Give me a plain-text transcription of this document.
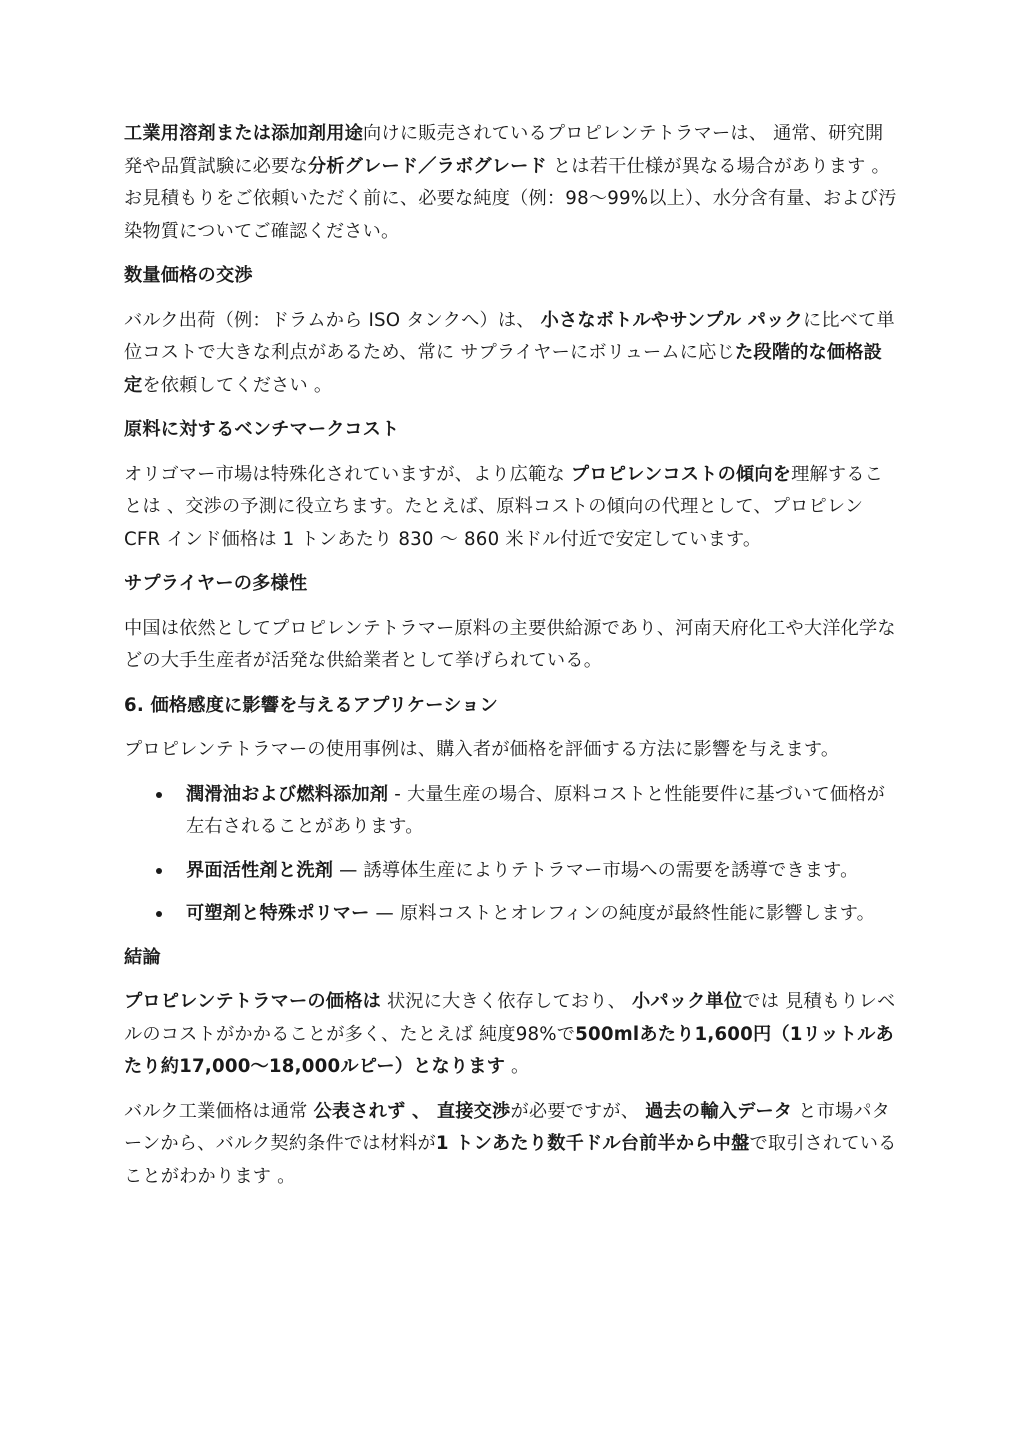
工業用溶剤または添加剤用途向けに販売されているプロピレンテトラマーは、 通常、研究開発や品質試験に必要な分析グレード／ラボグレード とは若干仕様が異なる場合があります 。お見積もりをご依頼いただく前に、必要な純度（例：98〜99%以上）、水分含有量、および汚染物質についてご確認ください。

数量価格の交渉

バルク出荷（例：ドラムから ISO タンクへ）は、 小さなボトルやサンプル パックに比べて単位コストで大きな利点があるため、常に サプライヤーにボリュームに応じた段階的な価格設定を依頼してください 。

原料に対するベンチマークコスト

オリゴマー市場は特殊化されていますが、より広範な プロピレンコストの傾向を理解することは 、交渉の予測に役立ちます。たとえば、原料コストの傾向の代理として、プロピレン CFR インド価格は 1 トンあたり 830 〜 860 米ドル付近で安定しています。

サプライヤーの多様性

中国は依然としてプロピレンテトラマー原料の主要供給源であり、河南天府化工や大洋化学などの大手生産者が活発な供給業者として挙げられている。

6. 価格感度に影響を与えるアプリケーション

プロピレンテトラマーの使用事例は、購入者が価格を評価する方法に影響を与えます。

潤滑油および燃料添加剤 - 大量生産の場合、原料コストと性能要件に基づいて価格が左右されることがあります。
界面活性剤と洗剤 — 誘導体生産によりテトラマー市場への需要を誘導できます。
可塑剤と特殊ポリマー — 原料コストとオレフィンの純度が最終性能に影響します。
結論

プロピレンテトラマーの価格は 状況に大きく依存しており、 小パック単位では 見積もりレベルのコストがかかることが多く、たとえば 純度98%で500mlあたり1,600円（1リットルあたり約17,000〜18,000ルピー）となります 。

バルク工業価格は通常 公表されず 、 直接交渉が必要ですが、 過去の輸入データ と市場パターンから、バルク契約条件では材料が1 トンあたり数千ドル台前半から中盤で取引されていることがわかります 。
